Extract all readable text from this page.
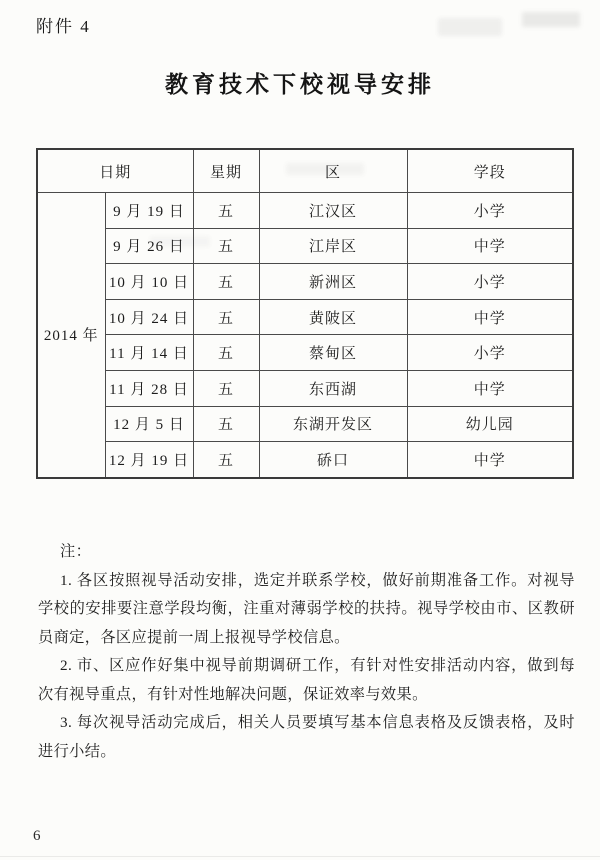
附件 4
教育技术下校视导安排
日期		星期	区	学段
2014 年	9 月 19 日	五	江汉区	小学
	9 月 26 日	五	江岸区	中学
	10 月 10 日	五	新洲区	小学
	10 月 24 日	五	黄陂区	中学
	11 月 14 日	五	蔡甸区	小学
	11 月 28 日	五	东西湖	中学
	12 月 5 日	五	东湖开发区	幼儿园
	12 月 19 日	五	硚口	中学

注：

1. 各区按照视导活动安排，选定并联系学校，做好前期准备工作。对视导学校的安排要注意学段均衡，注重对薄弱学校的扶持。视导学校由市、区教研员商定，各区应提前一周上报视导学校信息。

2. 市、区应作好集中视导前期调研工作，有针对性安排活动内容，做到每次有视导重点，有针对性地解决问题，保证效率与效果。

3. 每次视导活动完成后，相关人员要填写基本信息表格及反馈表格，及时进行小结。

6
